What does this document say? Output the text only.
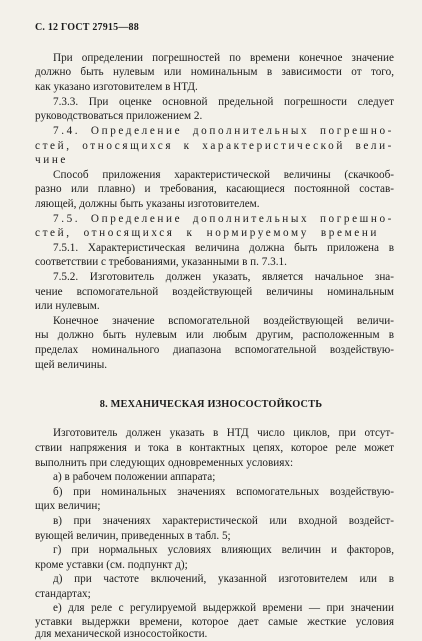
С. 12 ГОСТ 27915—88

При определении погрешностей по времени конечное значение

должно быть нулевым или номинальным в зависимости от того,

как указано изготовителем в НТД.

7.3.3. При оценке основной предельной погрешности следует

руководствоваться приложением 2.

7.4. Определение дополнительных погрешно-

стей, относящихся к характеристической вели-

чине

Способ приложения характеристической величины (скачкооб-

разно или плавно) и требования, касающиеся постоянной состав-

ляющей, должны быть указаны изготовителем.

7.5. Определение дополнительных погрешно-

стей, относящихся к нормируемому времени

7.5.1. Характеристическая величина должна быть приложена в

соответствии с требованиями, указанными в п. 7.3.1.

7.5.2. Изготовитель должен указать, является начальное зна-

чение вспомогательной воздействующей величины номинальным

или нулевым.

Конечное значение вспомогательной воздействующей величи-

ны должно быть нулевым или любым другим, расположенным в

пределах номинального диапазона вспомогательной воздействую-

щей величины.

8. МЕХАНИЧЕСКАЯ ИЗНОСОСТОЙКОСТЬ

Изготовитель должен указать в НТД число циклов, при отсут-

ствии напряжения и тока в контактных цепях, которое реле может

выполнить при следующих одновременных условиях:

а) в рабочем положении аппарата;

б) при номинальных значениях вспомогательных воздействую-

щих величин;

в) при значениях характеристической или входной воздейст-

вующей величин, приведенных в табл. 5;

г) при нормальных условиях влияющих величин и факторов,

кроме уставки (см. подпункт д);

д) при частоте включений, указанной изготовителем или в

стандартах;

е) для реле с регулируемой выдержкой времени — при значении

уставки выдержки времени, которое дает самые жесткие условия

для механической износостойкости.
